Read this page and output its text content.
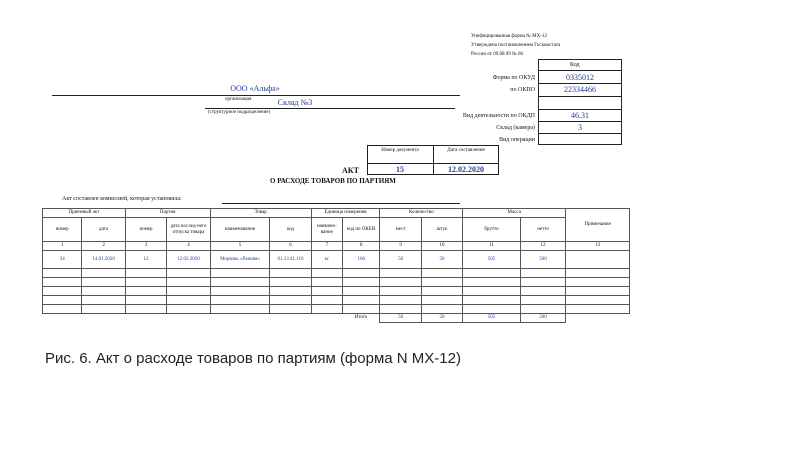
Унифицированная форма № МХ-12
Утверждена постановлением Госкомстата
России от 09.08.99 № 66
Код
Форма по ОКУД	0335012
по ОКПО	22334466
Вид деятельности по ОКДП	46.31
Склад (камера)	3
Вид операции
ООО «Альфа»
организация	Склад №3
(структурное подразделение)
Номер документа	Дата составления
АКТ	15	12.02.2020
О РАСХОДЕ ТОВАРОВ ПО ПАРТИЯМ
Акт составлен комиссией, которая установила:
Приемный акт		Партия		Товар		Единица измерения		Количество		Масса		Примечание
номер	дата	номер	дата послед-него отпуска товара	наименование	код	наимено-вание	код по ОКЕИ	мест	штук	брутто	нетто	
1	2	3	4	5	6	7	8	9	10	11	12	13
34	14.01.2020	12	12.02.2020	Морковь «Ранняя»	01.13.41.110	кг	166	50	50	505	500	

							Итого	50	50	505	500	
Рис. 6. Акт о расходе товаров по партиям (форма N МХ-12)
